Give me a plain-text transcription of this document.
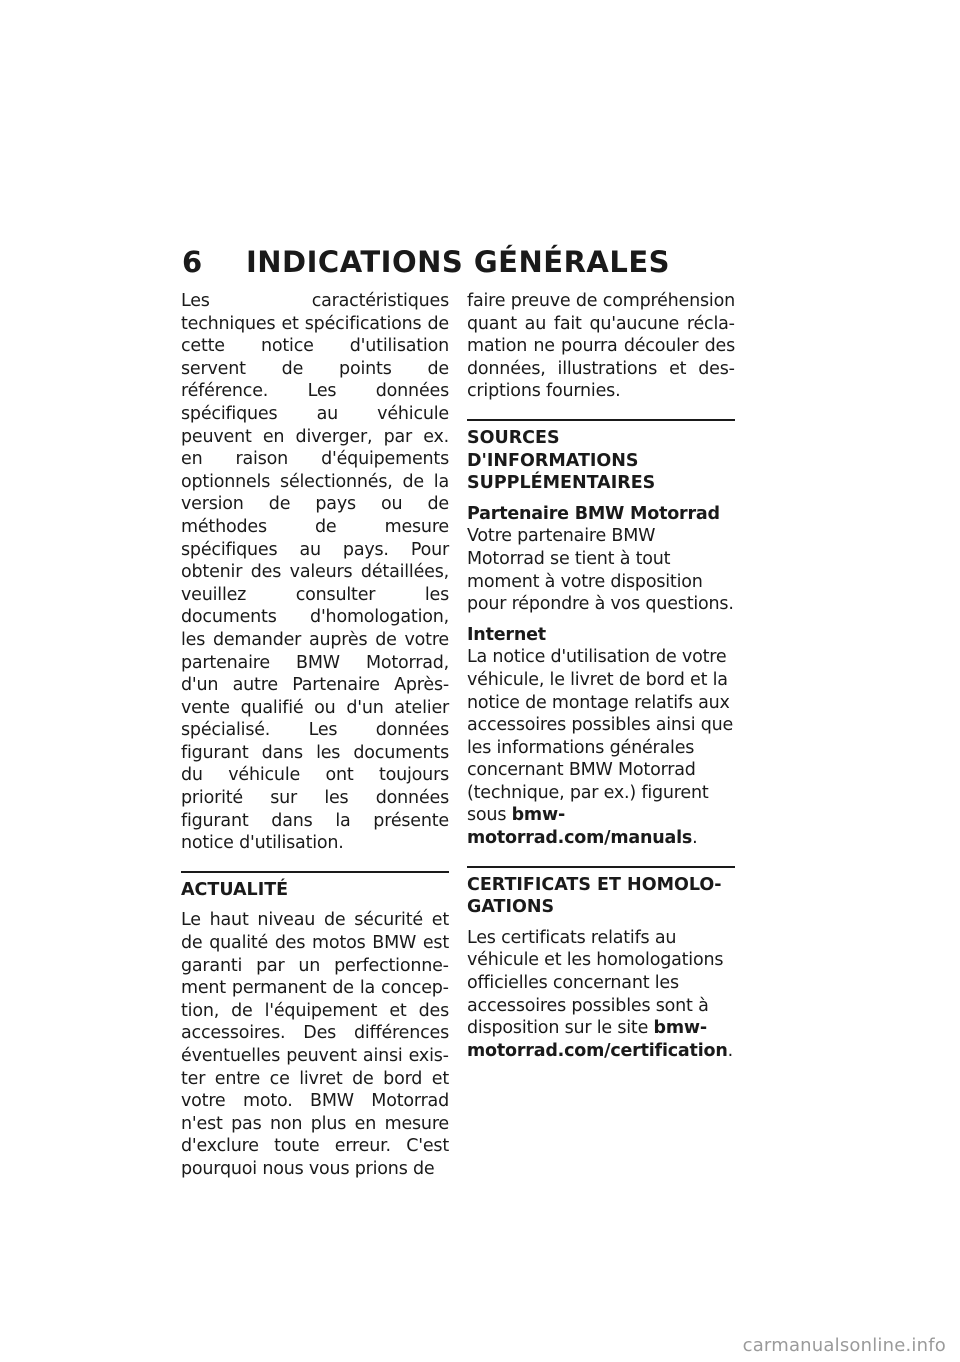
6 INDICATIONS GÉNÉRALES

Les caractéristiques techniques et spécifications de cette notice d'utilisation servent de points de référence. Les données spécifiques au véhicule peuvent en diverger, par ex. en raison d'équipements optionnels sélectionnés, de la version de pays ou de méthodes de mesure spécifiques au pays. Pour obtenir des valeurs détaillées, veuillez consulter les documents d'homologation, les demander auprès de votre partenaire BMW Motorrad, d'un autre Partenaire Après-vente qualifié ou d'un atelier spécialisé. Les données figurant dans les documents du véhicule ont toujours priorité sur les données figurant dans la présente notice d'utilisation.

ACTUALITÉ

Le haut niveau de sécurité et de qualité des motos BMW est garanti par un perfectionnement permanent de la conception, de l'équipement et des accessoires. Des différences éventuelles peuvent ainsi exister entre ce livret de bord et votre moto. BMW Motorrad n'est pas non plus en mesure d'exclure toute erreur. C'est pourquoi nous vous prions de

faire preuve de compréhension quant au fait qu'aucune réclamation ne pourra découler des données, illustrations et descriptions fournies.

SOURCES D'INFORMATIONS SUPPLÉMENTAIRES
Partenaire BMW Motorrad

Votre partenaire BMW Motorrad se tient à tout moment à votre disposition pour répondre à vos questions.

Internet

La notice d'utilisation de votre véhicule, le livret de bord et la notice de montage relatifs aux accessoires possibles ainsi que les informations générales concernant BMW Motorrad (technique, par ex.) figurent sous bmw-motorrad.com/manuals.

CERTIFICATS ET HOMOLOGATIONS

Les certificats relatifs au véhicule et les homologations officielles concernant les accessoires possibles sont à disposition sur le site bmw-motorrad.com/certification.

carmanualsonline.info
